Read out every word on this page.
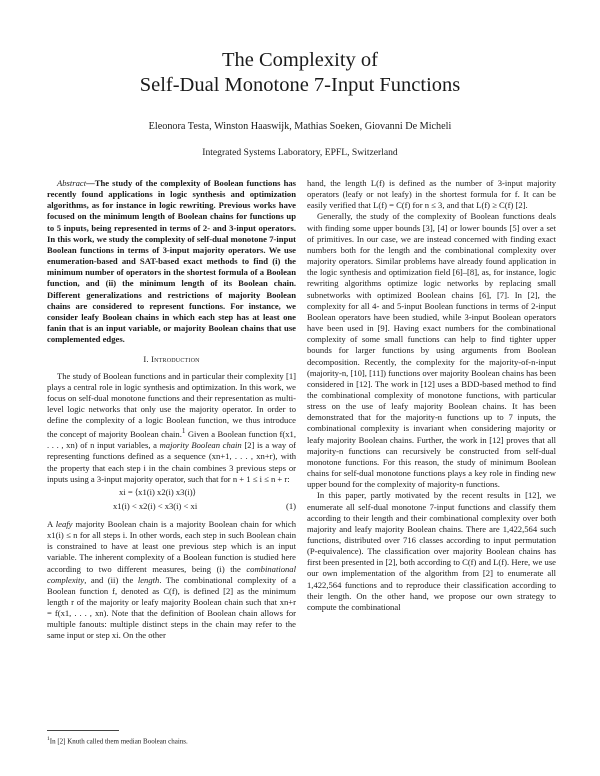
The Complexity of
Self-Dual Monotone 7-Input Functions
Eleonora Testa, Winston Haaswijk, Mathias Soeken, Giovanni De Micheli
Integrated Systems Laboratory, EPFL, Switzerland

Abstract—The study of the complexity of Boolean functions has recently found applications in logic synthesis and optimization algorithms, as for instance in logic rewriting. Previous works have focused on the minimum length of Boolean chains for functions up to 5 inputs, being represented in terms of 2- and 3-input operators. In this work, we study the complexity of self-dual monotone 7-input Boolean functions in terms of 3-input majority operators. We use enumeration-based and SAT-based exact methods to find (i) the minimum number of operators in the shortest formula of a Boolean function, and (ii) the minimum length of its Boolean chain. Different generalizations and restrictions of majority Boolean chains are considered to represent functions. For instance, we consider leafy Boolean chains in which each step has at least one fanin that is an input variable, or majority Boolean chains that use complemented edges.

I. Introduction

The study of Boolean functions and in particular their complexity [1] plays a central role in logic synthesis and optimization. In this work, we focus on self-dual monotone functions and their representation as multi-level logic networks that only use the majority operator. In order to define the complexity of a logic Boolean function, we thus introduce the concept of majority Boolean chain.$^1$ Given a Boolean function f(x1, . . . , xn) of n input variables, a majority Boolean chain [2] is a way of representing functions defined as a sequence (xn+1, . . . , xn+r), with the property that each step i in the chain combines 3 previous steps or inputs using a 3-input majority operator, such that for n + 1 ≤ i ≤ n + r:

xi = ⟨x1(i) x2(i) x3(i)⟩
x1(i) < x2(i) < x3(i) < xi	(1)

A leafy majority Boolean chain is a majority Boolean chain for which x1(i) ≤ n for all steps i. In other words, each step in such Boolean chain is constrained to have at least one previous step which is an input variable. The inherent complexity of a Boolean function is studied here according to two different measures, being (i) the combinational complexity, and (ii) the length. The combinational complexity of a Boolean function f, denoted as C(f), is defined [2] as the minimum length r of the majority or leafy majority Boolean chain such that xn+r = f(x1, . . . , xn). Note that the definition of Boolean chain allows for multiple fanouts: multiple distinct steps in the chain may refer to the same input or step xi. On the other

$^1$In [2] Knuth called them median Boolean chains.

hand, the length L(f) is defined as the number of 3-input majority operators (leafy or not leafy) in the shortest formula for f. It can be easily verified that L(f) = C(f) for n ≤ 3, and that L(f) ≥ C(f) [2].

Generally, the study of the complexity of Boolean functions deals with finding some upper bounds [3], [4] or lower bounds [5] over a set of primitives. In our case, we are instead concerned with finding exact numbers both for the length and the combinational complexity over majority operators. Similar problems have already found application in the logic synthesis and optimization field [6]–[8], as, for instance, logic rewriting algorithms optimize logic networks by replacing small subnetworks with optimized Boolean chains [6], [7]. In [2], the complexity for all 4- and 5-input Boolean functions in terms of 2-input Boolean operators have been studied, while 3-input Boolean operators have been used in [9]. Having exact numbers for the combinational complexity of some small functions can help to find tighter upper bounds for larger functions by using arguments from Boolean decomposition. Recently, the complexity for the majority-of-n-input (majority-n, [10], [11]) functions over majority Boolean chains has been considered in [12]. The work in [12] uses a BDD-based method to find the combinational complexity of monotone functions, with particular stress on the use of leafy majority Boolean chains. It has been demonstrated that for the majority-n functions up to 7 inputs, the combinational complexity is invariant when considering majority or leafy majority Boolean chains. Further, the work in [12] proves that all majority-n functions can recursively be constructed from self-dual monotone functions. For this reason, the study of minimum Boolean chains for self-dual monotone functions plays a key role in finding new upper bound for the complexity of majority-n functions.

In this paper, partly motivated by the recent results in [12], we enumerate all self-dual monotone 7-input functions and classify them according to their length and their combinational complexity over both majority and leafy majority Boolean chains. There are 1,422,564 such functions, distributed over 716 classes according to input permutation (P-equivalence). The classification over majority Boolean chains has first been presented in [2], both according to C(f) and L(f). Here, we use our own implementation of the algorithm from [2] to enumerate all 1,422,564 functions and to reproduce their classification according to their length. On the other hand, we propose our own strategy to compute the combinational
